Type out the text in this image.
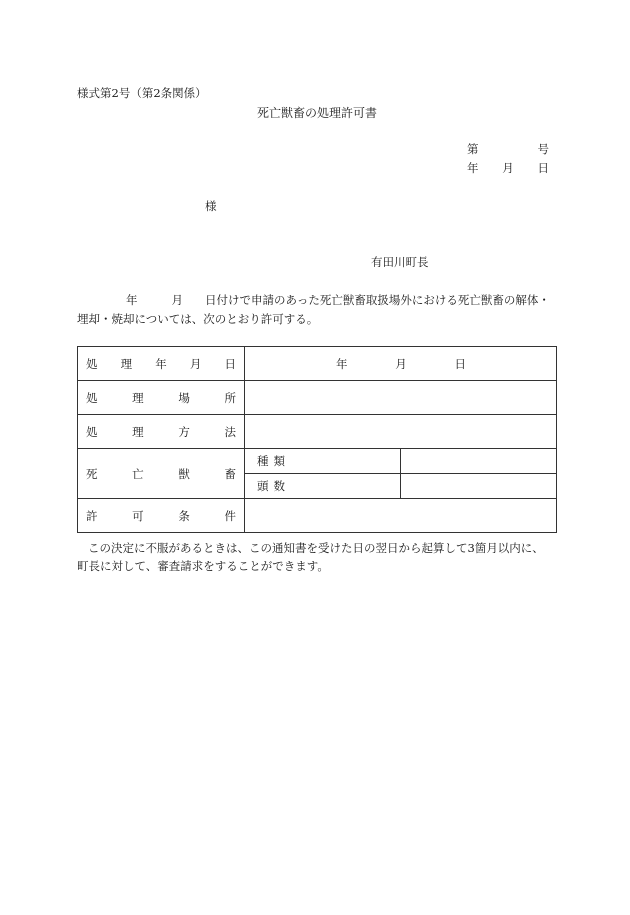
様式第2号（第2条関係）
死亡獣畜の処理許可書
第	号
年 月 日
様
有田川町長
年	月 日付けで申請のあった死亡獣畜取扱場外における死亡獣畜の解体・
埋却・焼却については、次のとおり許可する。
処 理 年 月 日	年 月 日	

処 理 場 所		

処 理 方 法		

死 亡 獣 畜	種 類	

	頭 数	

許 可 条 件		

この決定に不服があるときは、この通知書を受けた日の翌日から起算して3箇月以内に、
町長に対して、審査請求をすることができます。
